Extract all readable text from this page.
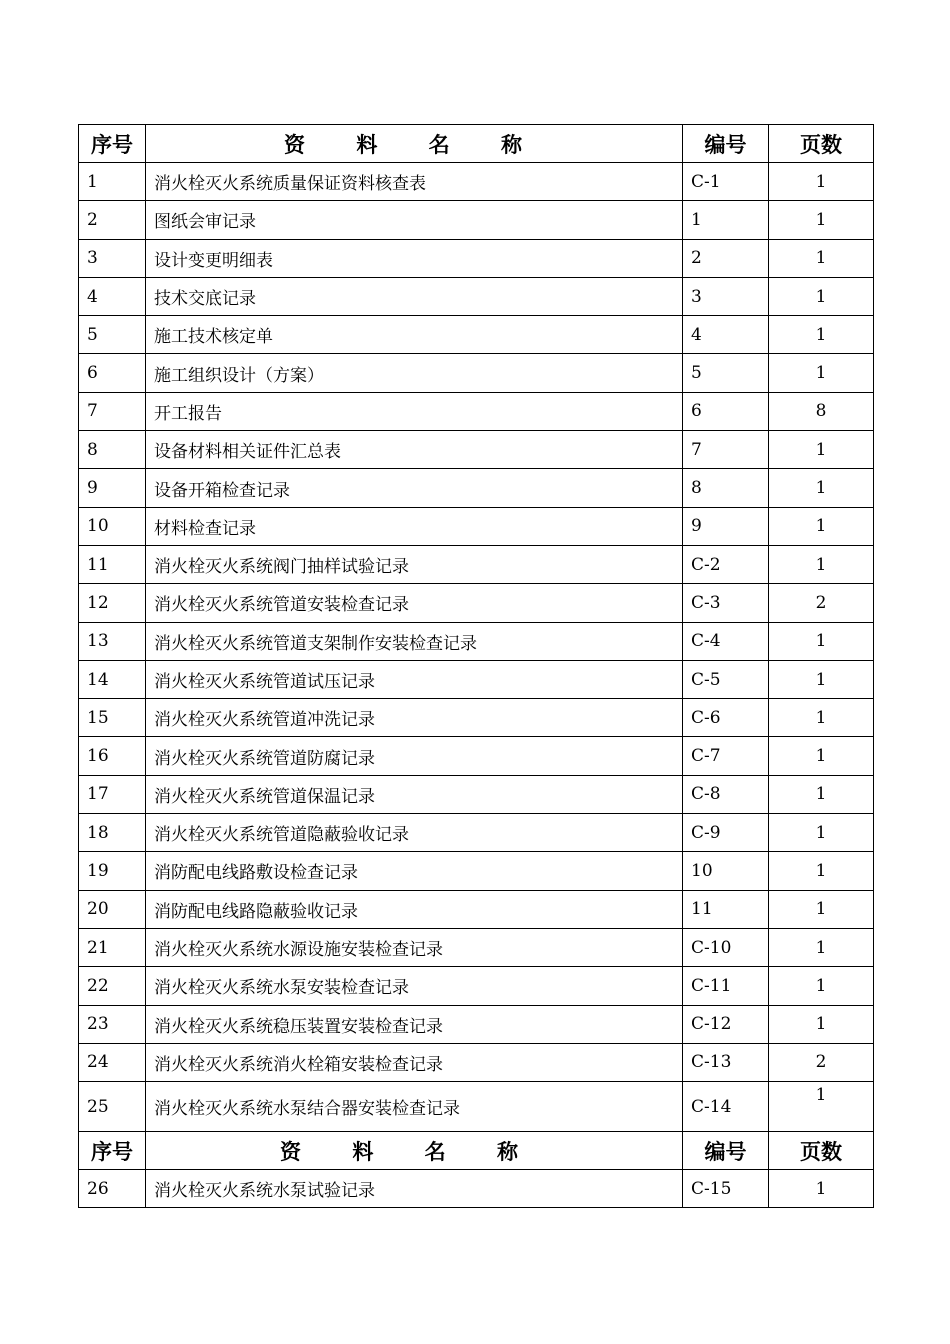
序号	资 料 名 称	编号	页数
1	消火栓灭火系统质量保证资料核查表	C-1	1
2	图纸会审记录	1	1
3	设计变更明细表	2	1
4	技术交底记录	3	1
5	施工技术核定单	4	1
6	施工组织设计（方案）	5	1
7	开工报告	6	8
8	设备材料相关证件汇总表	7	1
9	设备开箱检查记录	8	1
10	材料检查记录	9	1
11	消火栓灭火系统阀门抽样试验记录	C-2	1
12	消火栓灭火系统管道安装检查记录	C-3	2
13	消火栓灭火系统管道支架制作安装检查记录	C-4	1
14	消火栓灭火系统管道试压记录	C-5	1
15	消火栓灭火系统管道冲洗记录	C-6	1
16	消火栓灭火系统管道防腐记录	C-7	1
17	消火栓灭火系统管道保温记录	C-8	1
18	消火栓灭火系统管道隐蔽验收记录	C-9	1
19	消防配电线路敷设检查记录	10	1
20	消防配电线路隐蔽验收记录	11	1
21	消火栓灭火系统水源设施安装检查记录	C-10	1
22	消火栓灭火系统水泵安装检查记录	C-11	1
23	消火栓灭火系统稳压装置安装检查记录	C-12	1
24	消火栓灭火系统消火栓箱安装检查记录	C-13	2
25	消火栓灭火系统水泵结合器安装检查记录	C-14	1
序号	资 料 名 称	编号	页数
26	消火栓灭火系统水泵试验记录	C-15	1
